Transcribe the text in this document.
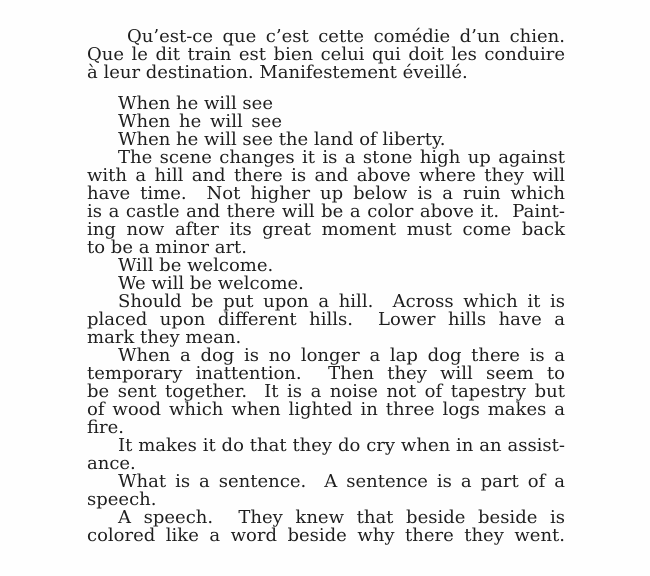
Qu’est-ce que c’est cette comédie d’un chien.
Que le dit train est bien celui qui doit les conduire
à leur destination. Manifestement éveillé.
When he will see
When he will see
When he will see the land of liberty.
The scene changes it is a stone high up against
with a hill and there is and above where they will
have time.  Not higher up below is a ruin which
is a castle and there will be a color above it.  Paint-
ing now after its great moment must come back
to be a minor art.
Will be welcome.
We will be welcome.
Should be put upon a hill.  Across which it is
placed upon different hills.  Lower hills have a
mark they mean.
When a dog is no longer a lap dog there is a
temporary inattention.  Then they will seem to
be sent together.  It is a noise not of tapestry but
of wood which when lighted in three logs makes a
fire.
It makes it do that they do cry when in an assist-
ance.
What is a sentence.  A sentence is a part of a
speech.
A speech.  They knew that beside beside is
colored like a word beside why there they went.
